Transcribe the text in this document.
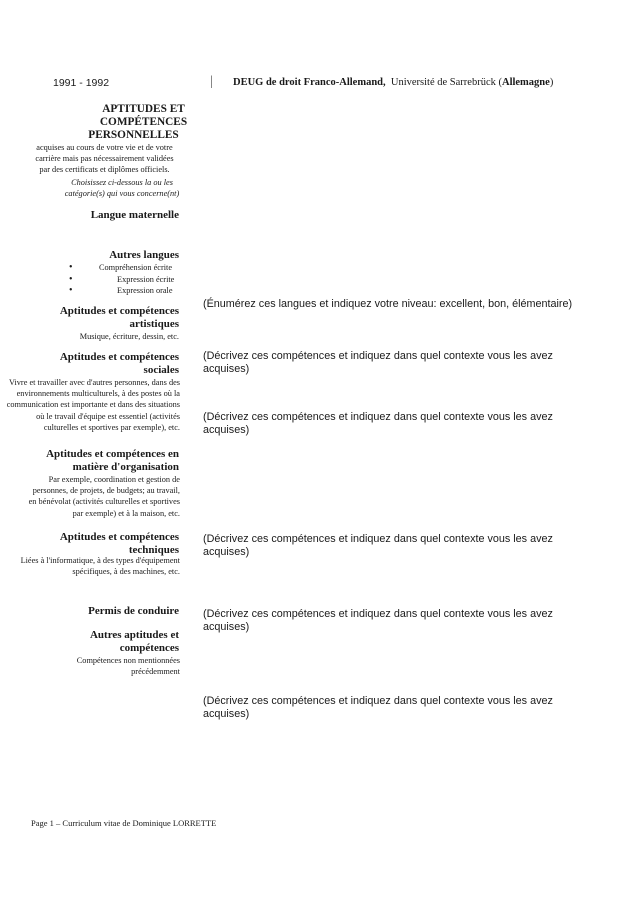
1991 - 1992	| DEUG de droit Franco-Allemand, Université de Sarrebrück (Allemagne)
APTITUDES ET
COMPÉTENCES
PERSONNELLES
acquises au cours de votre vie et de votre carrière mais pas nécessairement validées par des certificats et diplômes officiels.
Choisissez ci-dessous la ou les catégorie(s) qui vous concerne(nt)
Langue maternelle
Autres langues
• Compréhension écrite
• Expression écrite
• Expression orale
(Énumérez ces langues et indiquez votre niveau: excellent, bon, élémentaire)
Aptitudes et compétences
artistiques
Musique, écriture, dessin, etc.
(Décrivez ces compétences et indiquez dans quel contexte vous les avez acquises)
Aptitudes et compétences
sociales
Vivre et travailler avec d'autres personnes, dans des environnements multiculturels, à des postes où la communication est importante et dans des situations où le travail d'équipe est essentiel (activités culturelles et sportives par exemple), etc.
(Décrivez ces compétences et indiquez dans quel contexte vous les avez acquises)
Aptitudes et compétences en
matière d'organisation
Par exemple, coordination et gestion de personnes, de projets, de budgets; au travail, en bénévolat (activités culturelles et sportives par exemple) et à la maison, etc.
Aptitudes et compétences
techniques
Liées à l'informatique, à des types d'équipement spécifiques, à des machines, etc.
(Décrivez ces compétences et indiquez dans quel contexte vous les avez acquises)
Permis de conduire (Décrivez ces compétences et indiquez dans quel contexte vous les avez acquises)
Autres aptitudes et
compétences
Compétences non mentionnées précédemment
(Décrivez ces compétences et indiquez dans quel contexte vous les avez acquises)
Page 1 – Curriculum vitae de Dominique LORRETTE
